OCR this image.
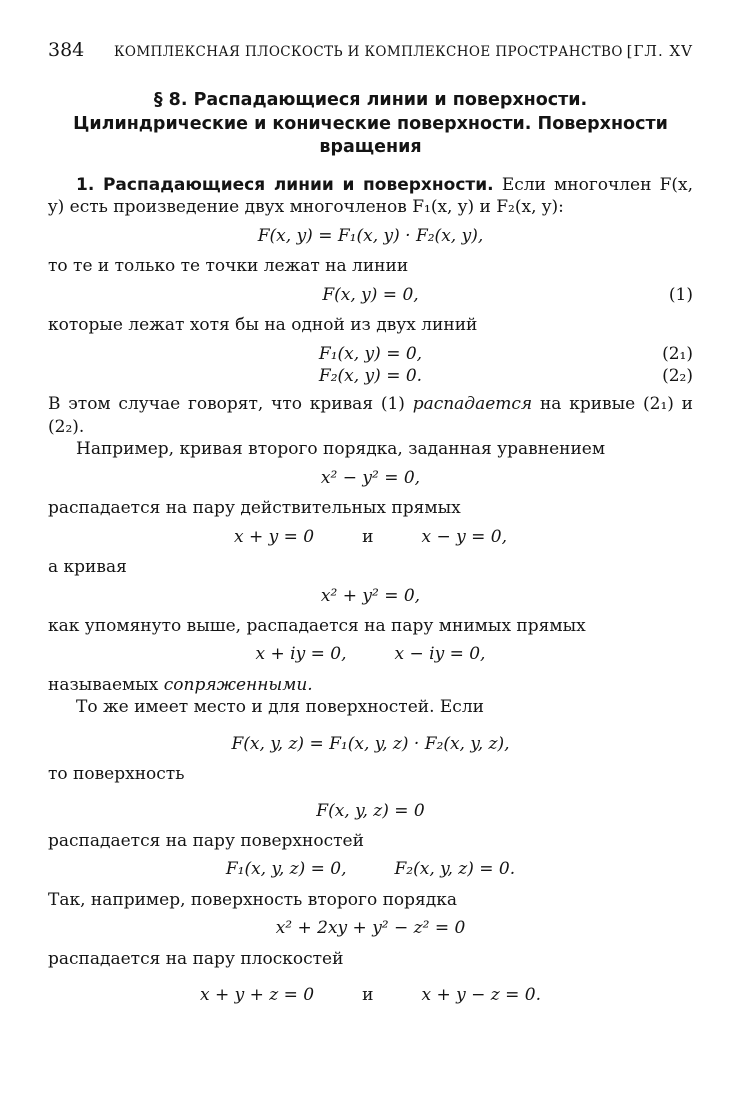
384	КОМПЛЕКСНАЯ ПЛОСКОСТЬ И КОМПЛЕКСНОЕ ПРОСТРАНСТВО [ГЛ. XV

§ 8. Распадающиеся линии и поверхности.

Цилиндрические и конические поверхности. Поверхности вращения

1. Распадающиеся линии и поверхности. Если многочлен F(x, y) есть произведение двух многочленов F₁(x, y) и F₂(x, y):

F(x, y) = F₁(x, y) · F₂(x, y),

то те и только те точки лежат на линии

F(x, y) = 0,	(1)

которые лежат хотя бы на одной из двух линий

F₁(x, y) = 0,	(2₁)
F₂(x, y) = 0.	(2₂)

В этом случае говорят, что кривая (1) распадается на кривые (2₁) и (2₂).

Например, кривая второго порядка, заданная уравнением

x² − y² = 0,

распадается на пару действительных прямых

x + y = 0	и	x − y = 0,

а кривая

x² + y² = 0,

как упомянуто выше, распадается на пару мнимых прямых

x + iy = 0,	x − iy = 0,

называемых сопряженными.

То же имеет место и для поверхностей. Если

F(x, y, z) = F₁(x, y, z) · F₂(x, y, z),

то поверхность

F(x, y, z) = 0

распадается на пару поверхностей

F₁(x, y, z) = 0,	F₂(x, y, z) = 0.

Так, например, поверхность второго порядка

x² + 2xy + y² − z² = 0

распадается на пару плоскостей

x + y + z = 0	и	x + y − z = 0.
